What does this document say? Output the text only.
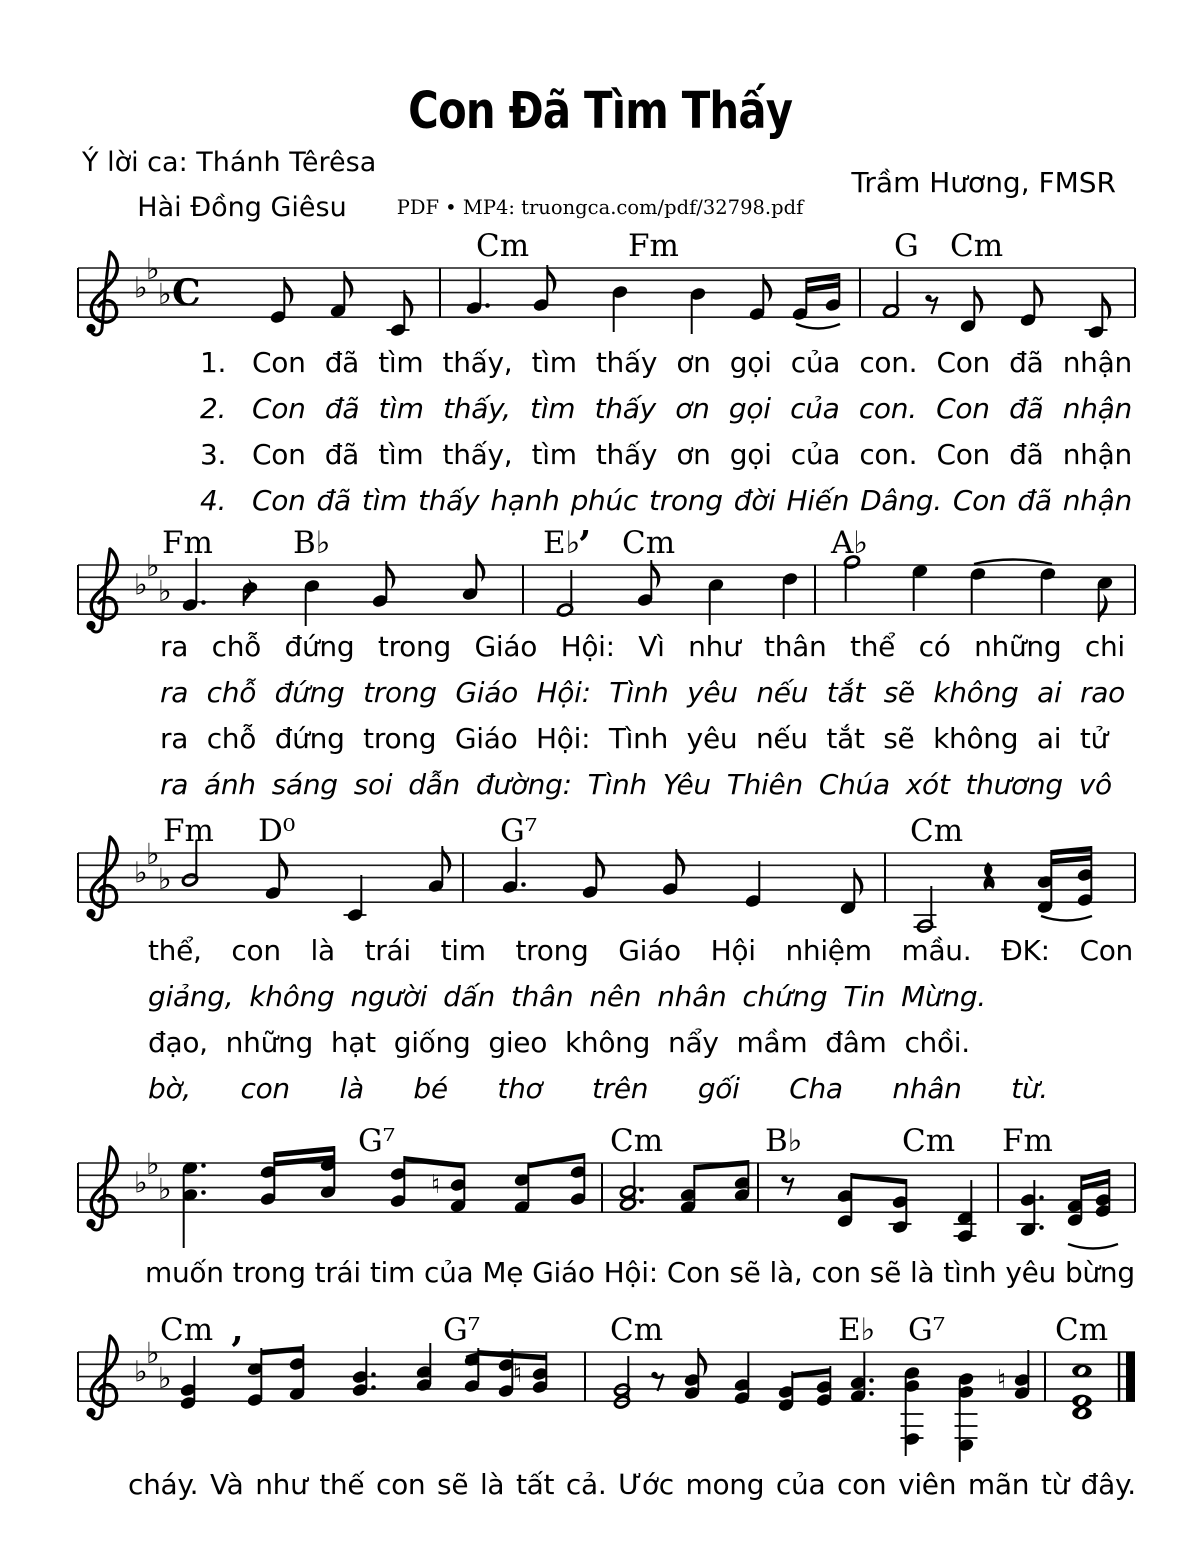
♭
♭
♭ C
Cm	Fm	G Cm
♭
♭
♭
’
Fm	B♭	E♭ Cm	A♭
♭
♭
♭
Fm D⁰	G⁷	Cm
♭
♭
♭	♮
G⁷	Cm	B♭	Cm Fm
♭
♭
♭
’
♮	♮
Cm	G⁷	Cm	E♭ G⁷	Cm
Con Đã Tìm Thấy
Ý lời ca: Thánh Têrêsa
Hài Đồng Giêsu	PDF • MP4: truongca.com/pdf/32798.pdf
Trầm Hương, FMSR
1. Con đã tìm thấy, tìm thấy ơn gọi của con. Con đã nhận
2. Con đã tìm thấy, tìm thấy ơn gọi của con. Con đã nhận
3. Con đã tìm thấy, tìm thấy ơn gọi của con. Con đã nhận
4. Con đã tìm thấy hạnh phúc trong đời Hiến Dâng. Con đã nhận
ra chỗ đứng trong Giáo Hội: Vì như thân thể có những chi
ra chỗ đứng trong Giáo Hội: Tình yêu nếu tắt sẽ không ai rao
ra chỗ đứng trong Giáo Hội: Tình yêu nếu tắt sẽ không ai tử
ra ánh sáng soi dẫn đường: Tình Yêu Thiên Chúa xót thương vô
thể, con là trái tim trong Giáo Hội nhiệm mầu. ĐK: Con
giảng, không người dấn thân nên nhân chứng Tin Mừng.
đạo, những hạt giống gieo không nẩy mầm đâm chồi.
bờ, con là bé thơ trên gối Cha nhân từ.
muốn trong trái tim của Mẹ Giáo Hội: Con sẽ là, con sẽ là tình yêu bừng
cháy. Và như thế con sẽ là tất cả. Ước mong của con viên mãn từ đây.
